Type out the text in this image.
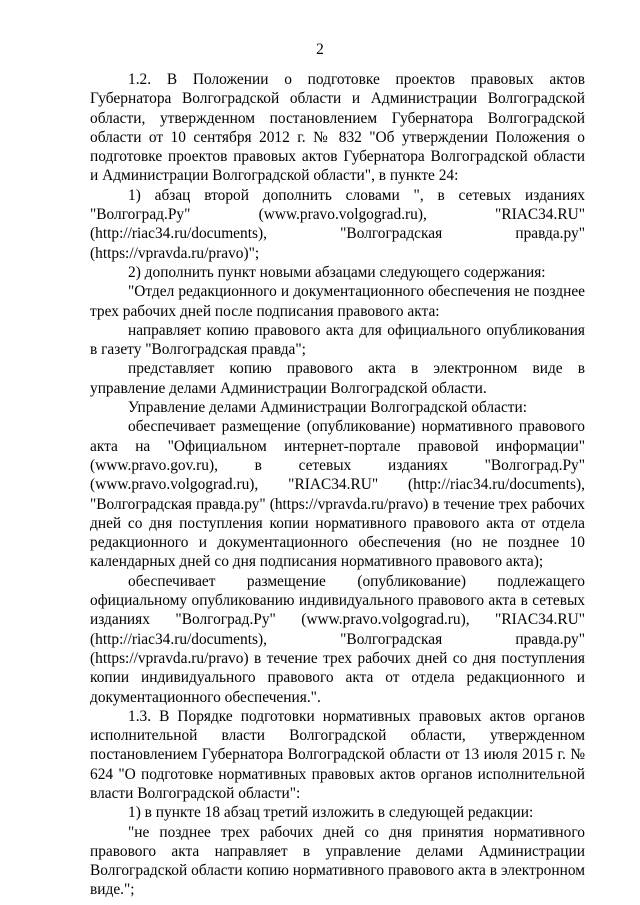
2

1.2. В Положении о подготовке проектов правовых актов Губернатора Волгоградской области и Администрации Волгоградской области, утвержденном постановлением Губернатора Волгоградской области от 10 сентября 2012 г. № 832 "Об утверждении Положения о подготовке проектов правовых актов Губернатора Волгоградской области и Администрации Волгоградской области", в пункте 24:

1) абзац второй дополнить словами ", в сетевых изданиях "Волгоград.Ру" (www.pravo.volgograd.ru), "RIAC34.RU" (http://riac34.ru/documents), "Волгоградская правда.ру" (https://vpravda.ru/pravo)";

2) дополнить пункт новыми абзацами следующего содержания:

"Отдел редакционного и документационного обеспечения не позднее трех рабочих дней после подписания правового акта:

направляет копию правового акта для официального опубликования в газету "Волгоградская правда";

представляет копию правового акта в электронном виде в управление делами Администрации Волгоградской области.

Управление делами Администрации Волгоградской области:

обеспечивает размещение (опубликование) нормативного правового акта на "Официальном интернет-портале правовой информации" (www.pravo.gov.ru), в сетевых изданиях "Волгоград.Ру" (www.pravo.volgograd.ru), "RIAC34.RU" (http://riac34.ru/documents), "Волгоградская правда.ру" (https://vpravda.ru/pravo) в течение трех рабочих дней со дня поступления копии нормативного правового акта от отдела редакционного и документационного обеспечения (но не позднее 10 календарных дней со дня подписания нормативного правового акта);

обеспечивает размещение (опубликование) подлежащего официальному опубликованию индивидуального правового акта в сетевых изданиях "Волгоград.Ру" (www.pravo.volgograd.ru), "RIAC34.RU" (http://riac34.ru/documents), "Волгоградская правда.ру" (https://vpravda.ru/pravo) в течение трех рабочих дней со дня поступления копии индивидуального правового акта от отдела редакционного и документационного обеспечения.".

1.3. В Порядке подготовки нормативных правовых актов органов исполнительной власти Волгоградской области, утвержденном постановлением Губернатора Волгоградской области от 13 июля 2015 г. № 624 "О подготовке нормативных правовых актов органов исполнительной власти Волгоградской области":

1) в пункте 18 абзац третий изложить в следующей редакции:

"не позднее трех рабочих дней со дня принятия нормативного правового акта направляет в управление делами Администрации Волгоградской области копию нормативного правового акта в электронном виде.";
